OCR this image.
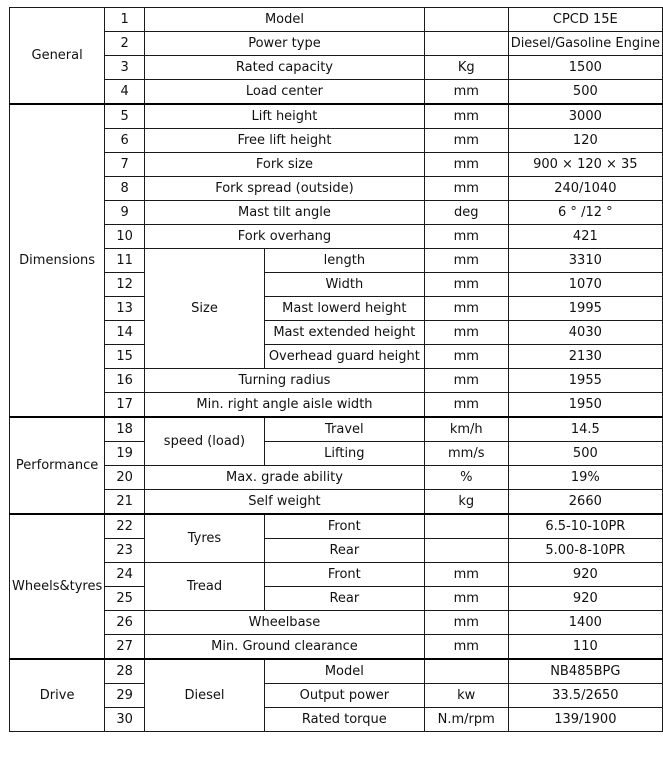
General	1	Model			CPCD 15E
	2	Power type			Diesel/Gasoline Engine
	3	Rated capacity		Kg	1500
	4	Load center		mm	500
Dimensions	5	Lift height		mm	3000
	6	Free lift height		mm	120
	7	Fork size		mm	900 × 120 × 35
	8	Fork spread (outside)		mm	240/1040
	9	Mast tilt angle		deg	6 ° /12 °
	10	Fork overhang		mm	421
	11	Size	length	mm	3310
	12		Width	mm	1070
	13		Mast lowerd height	mm	1995
	14		Mast extended height	mm	4030
	15		Overhead guard height	mm	2130
	16	Turning radius		mm	1955
	17	Min. right angle aisle width		mm	1950
Performance	18	speed (load)	Travel	km/h	14.5
	19		Lifting	mm/s	500
	20	Max. grade ability		%	19%
	21	Self weight		kg	2660
Wheels&tyres	22	Tyres	Front		6.5-10-10PR
	23		Rear		5.00-8-10PR
	24	Tread	Front	mm	920
	25		Rear	mm	920
	26	Wheelbase		mm	1400
	27	Min. Ground clearance		mm	110
Drive	28	Diesel	Model		NB485BPG
	29		Output power	kw	33.5/2650
	30		Rated torque	N.m/rpm	139/1900
